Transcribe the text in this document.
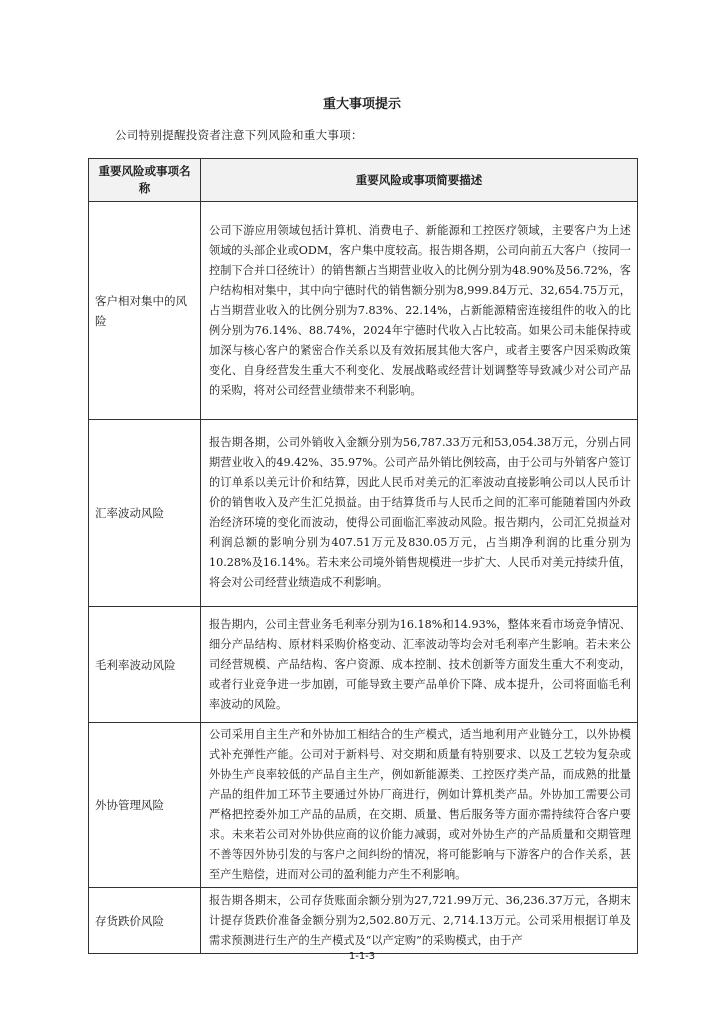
重大事项提示
公司特别提醒投资者注意下列风险和重大事项：
重要风险或事项名称	重要风险或事项简要描述
客户相对集中的风险	公司下游应用领域包括计算机、消费电子、新能源和工控医疗领域，主要客户为上述领域的头部企业或ODM，客户集中度较高。报告期各期，公司向前五大客户（按同一控制下合并口径统计）的销售额占当期营业收入的比例分别为48.90%及56.72%，客户结构相对集中，其中向宁德时代的销售额分别为8,999.84万元、32,654.75万元，占当期营业收入的比例分别为7.83%、22.14%，占新能源精密连接组件的收入的比例分别为76.14%、88.74%，2024年宁德时代收入占比较高。如果公司未能保持或加深与核心客户的紧密合作关系以及有效拓展其他大客户，或者主要客户因采购政策变化、自身经营发生重大不利变化、发展战略或经营计划调整等导致减少对公司产品的采购，将对公司经营业绩带来不利影响。
汇率波动风险	报告期各期，公司外销收入金额分别为56,787.33万元和53,054.38万元，分别占同期营业收入的49.42%、35.97%。公司产品外销比例较高，由于公司与外销客户签订的订单系以美元计价和结算，因此人民币对美元的汇率波动直接影响公司以人民币计价的销售收入及产生汇兑损益。由于结算货币与人民币之间的汇率可能随着国内外政治经济环境的变化而波动，使得公司面临汇率波动风险。报告期内，公司汇兑损益对利润总额的影响分别为407.51万元及830.05万元，占当期净利润的比重分别为10.28%及16.14%。若未来公司境外销售规模进一步扩大、人民币对美元持续升值，将会对公司经营业绩造成不利影响。
毛利率波动风险	报告期内，公司主营业务毛利率分别为16.18%和14.93%，整体来看市场竞争情况、细分产品结构、原材料采购价格变动、汇率波动等均会对毛利率产生影响。若未来公司经营规模、产品结构、客户资源、成本控制、技术创新等方面发生重大不利变动，或者行业竞争进一步加剧，可能导致主要产品单价下降、成本提升，公司将面临毛利率波动的风险。
外协管理风险	公司采用自主生产和外协加工相结合的生产模式，适当地利用产业链分工，以外协模式补充弹性产能。公司对于新料号、对交期和质量有特别要求、以及工艺较为复杂或外协生产良率较低的产品自主生产，例如新能源类、工控医疗类产品，而成熟的批量产品的组件加工环节主要通过外协厂商进行，例如计算机类产品。外协加工需要公司严格把控委外加工产品的品质，在交期、质量、售后服务等方面亦需持续符合客户要求。未来若公司对外协供应商的议价能力减弱，或对外协生产的产品质量和交期管理不善等因外协引发的与客户之间纠纷的情况，将可能影响与下游客户的合作关系，甚至产生赔偿，进而对公司的盈利能力产生不利影响。
存货跌价风险	报告期各期末，公司存货账面余额分别为27,721.99万元、36,236.37万元，各期末计提存货跌价准备金额分别为2,502.80万元、2,714.13万元。公司采用根据订单及需求预测进行生产的生产模式及“以产定购”的采购模式，由于产
1-1-3
